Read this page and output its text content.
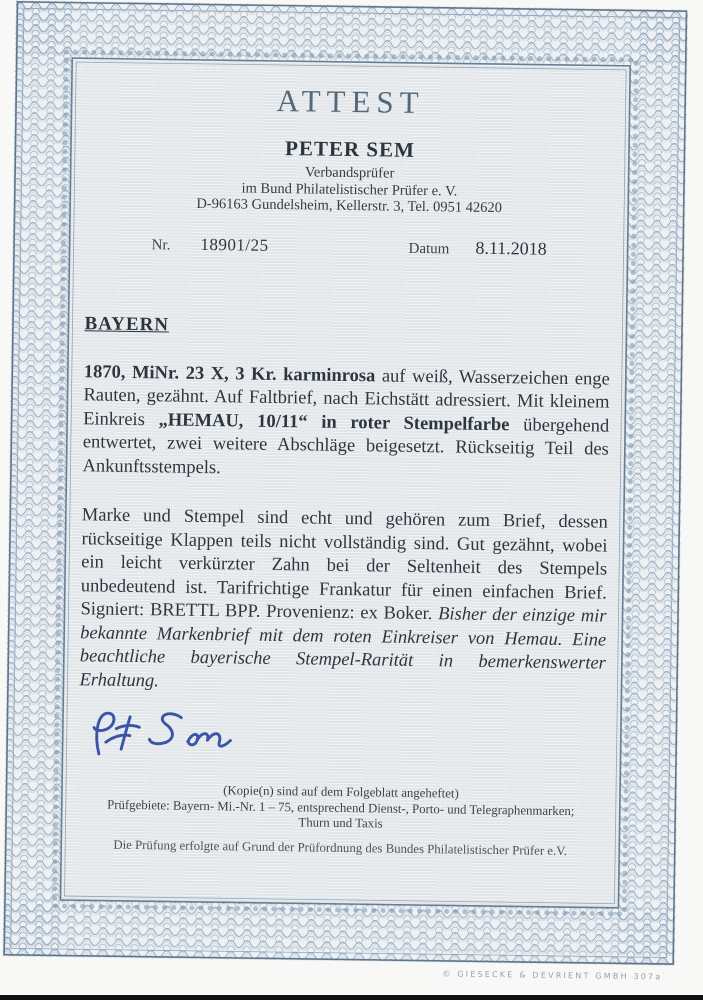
ATTEST
PETER SEM
Verbandsprüfer
im Bund Philatelistischer Prüfer e. V.
D-96163 Gundelsheim, Kellerstr. 3, Tel. 0951 42620
Nr. 18901/25	Datum 8.11.2018
BAYERN

1870, MiNr. 23 X, 3 Kr. karminrosa auf weiß, Wasserzeichen enge Rauten, gezähnt. Auf Faltbrief, nach Eichstätt adressiert. Mit kleinem Einkreis „HEMAU, 10/11“ in roter Stempelfarbe übergehend entwertet, zwei weitere Abschläge beigesetzt. Rückseitig Teil des Ankunftsstempels.

Marke und Stempel sind echt und gehören zum Brief, dessen rückseitige Klappen teils nicht vollständig sind. Gut gezähnt, wobei ein leicht verkürzter Zahn bei der Seltenheit des Stempels unbedeutend ist. Tarifrichtige Frankatur für einen einfachen Brief. Signiert: BRETTL BPP. Provenienz: ex Boker. Bisher der einzige mir bekannte Markenbrief mit dem roten Einkreiser von Hemau. Eine beachtliche bayerische Stempel-Rarität in bemerkenswerter Erhaltung.

(Kopie(n) sind auf dem Folgeblatt angeheftet)
Prüfgebiete: Bayern- Mi.-Nr. 1 – 75, entsprechend Dienst-, Porto- und Telegraphenmarken;
Thurn und Taxis
Die Prüfung erfolgte auf Grund der Prüfordnung des Bundes Philatelistischer Prüfer e.V.
© GIESECKE & DEVRIENT GMBH 307a
